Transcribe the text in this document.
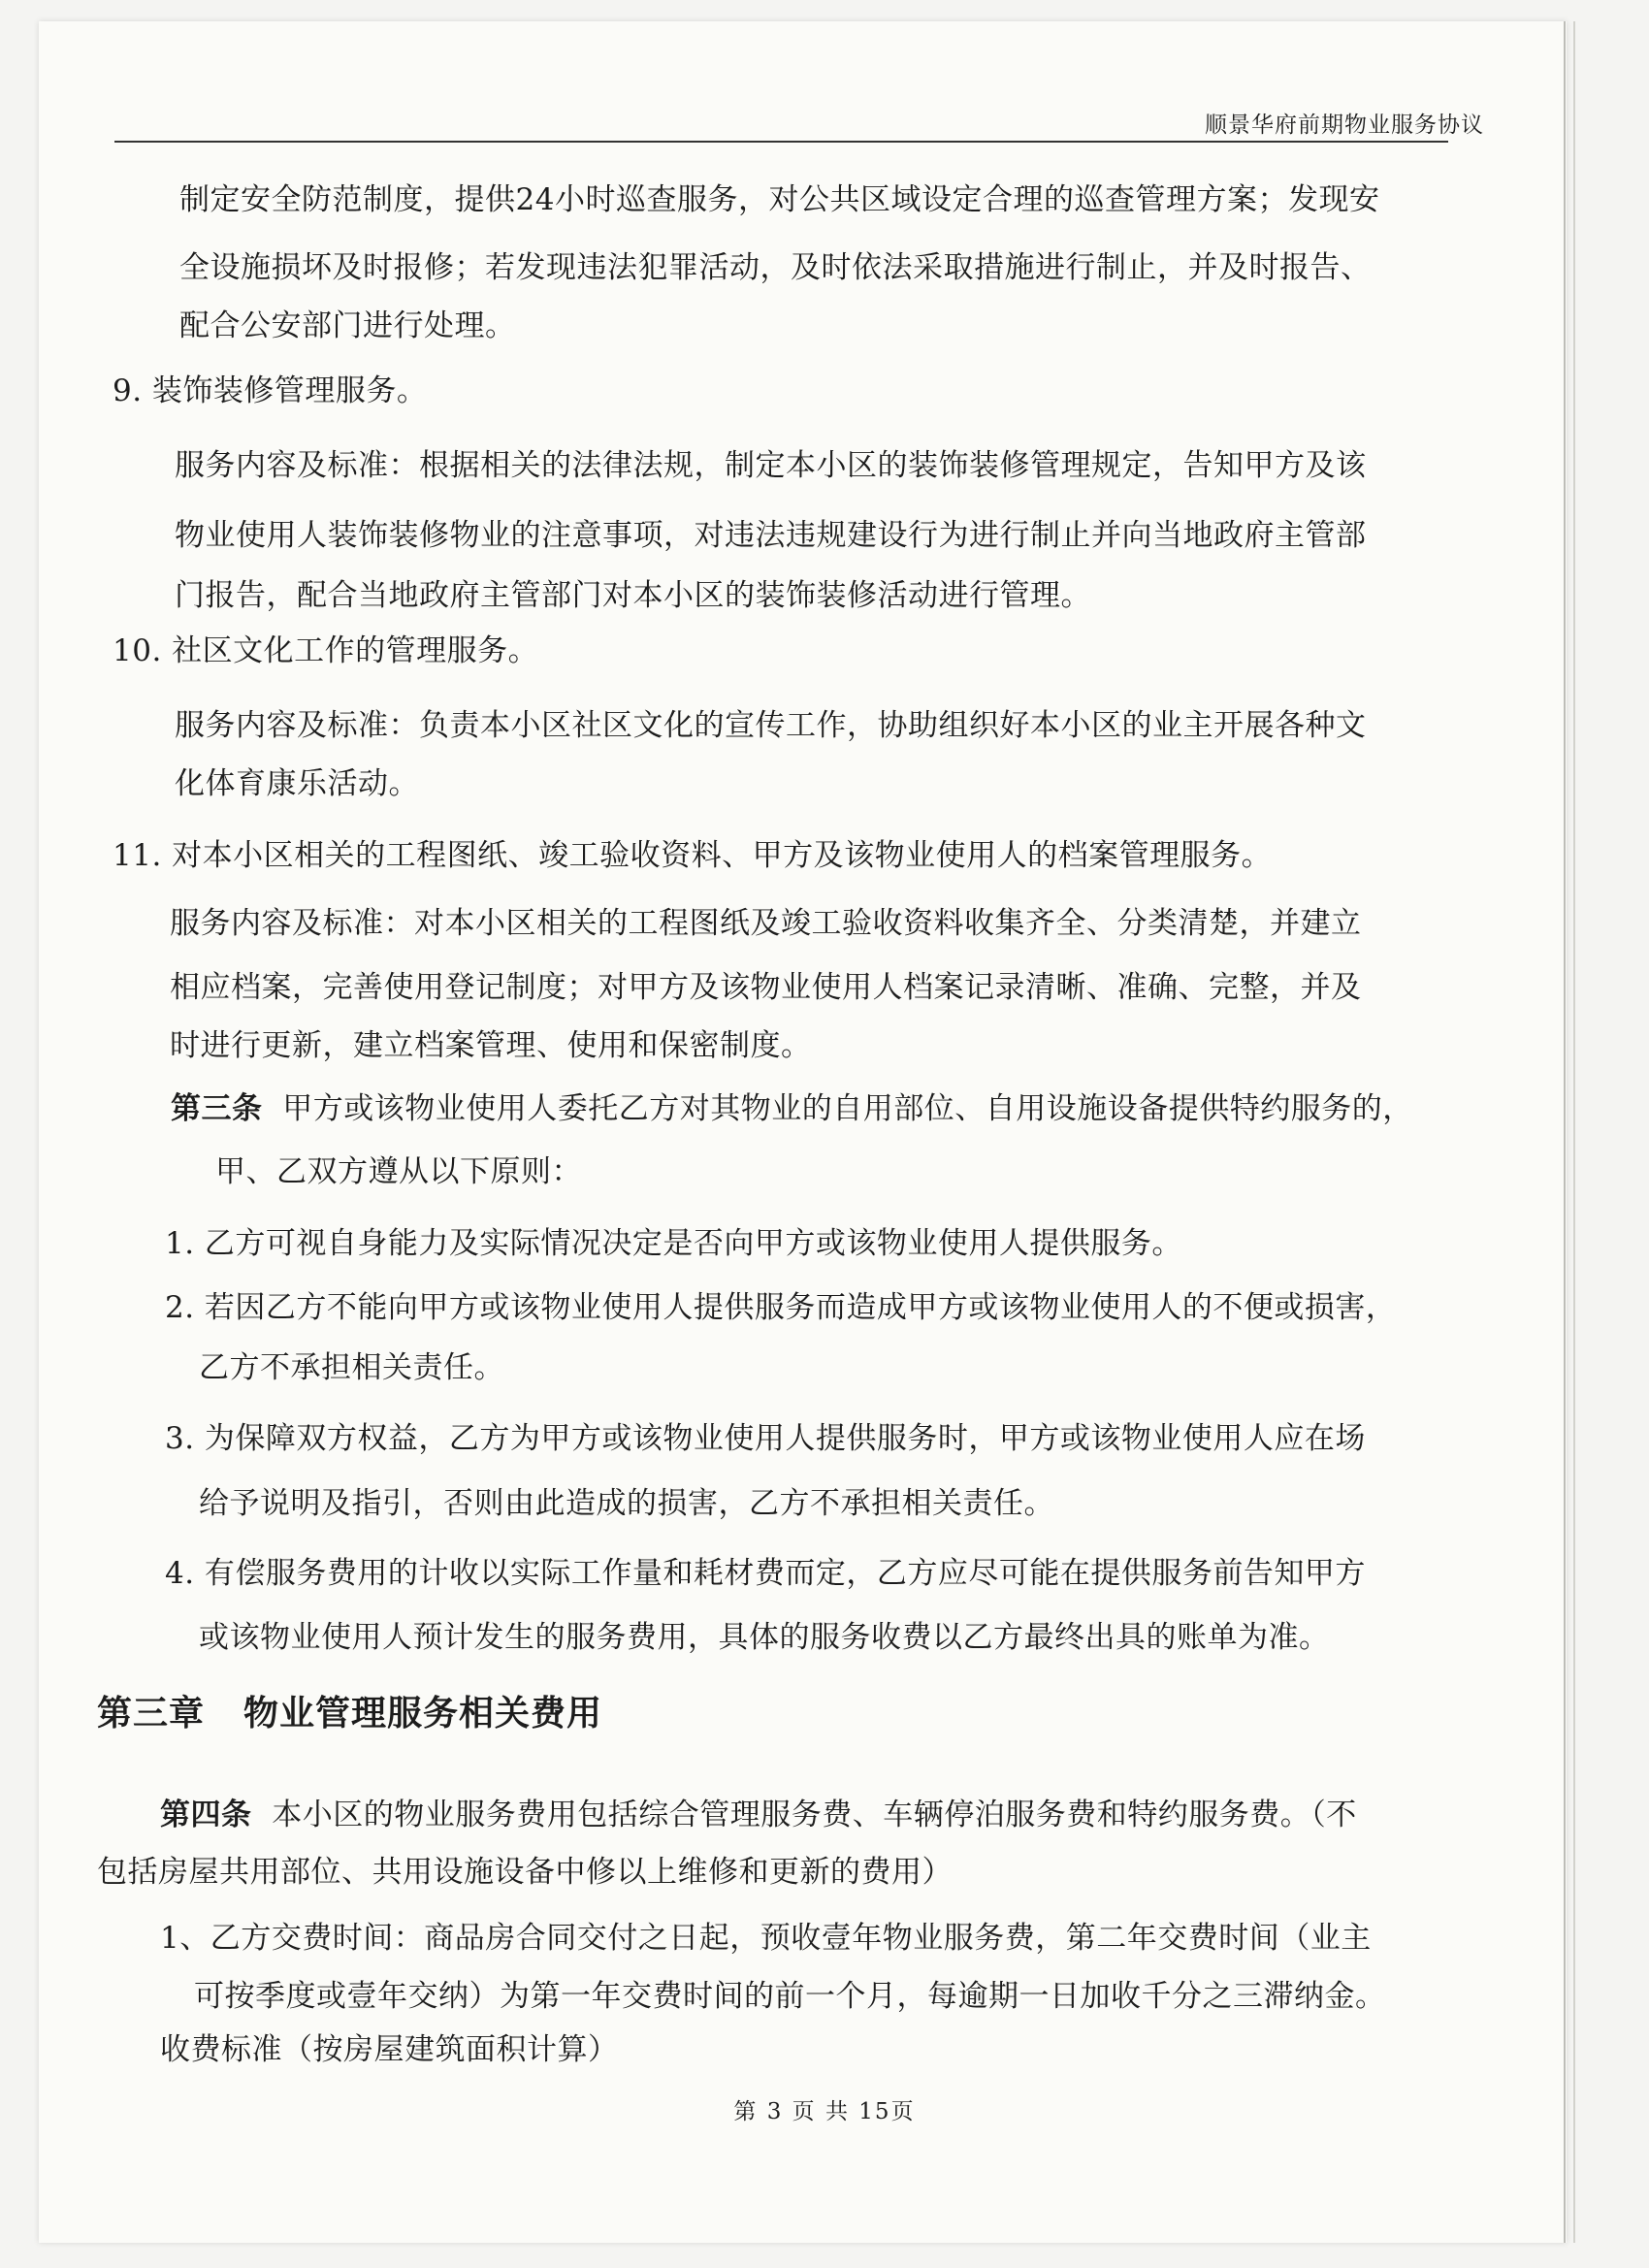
顺景华府前期物业服务协议
制定安全防范制度，提供24小时巡查服务，对公共区域设定合理的巡查管理方案；发现安
全设施损坏及时报修；若发现违法犯罪活动，及时依法采取措施进行制止，并及时报告、
配合公安部门进行处理。
9. 装饰装修管理服务。
服务内容及标准：根据相关的法律法规，制定本小区的装饰装修管理规定，告知甲方及该
物业使用人装饰装修物业的注意事项，对违法违规建设行为进行制止并向当地政府主管部
门报告，配合当地政府主管部门对本小区的装饰装修活动进行管理。
10. 社区文化工作的管理服务。
服务内容及标准：负责本小区社区文化的宣传工作，协助组织好本小区的业主开展各种文
化体育康乐活动。
11. 对本小区相关的工程图纸、竣工验收资料、甲方及该物业使用人的档案管理服务。
服务内容及标准：对本小区相关的工程图纸及竣工验收资料收集齐全、分类清楚，并建立
相应档案，完善使用登记制度；对甲方及该物业使用人档案记录清晰、准确、完整，并及
时进行更新，建立档案管理、使用和保密制度。
第三条 甲方或该物业使用人委托乙方对其物业的自用部位、自用设施设备提供特约服务的，
甲、乙双方遵从以下原则：
1. 乙方可视自身能力及实际情况决定是否向甲方或该物业使用人提供服务。
2. 若因乙方不能向甲方或该物业使用人提供服务而造成甲方或该物业使用人的不便或损害，
乙方不承担相关责任。
3. 为保障双方权益，乙方为甲方或该物业使用人提供服务时，甲方或该物业使用人应在场
给予说明及指引，否则由此造成的损害，乙方不承担相关责任。
4. 有偿服务费用的计收以实际工作量和耗材费而定，乙方应尽可能在提供服务前告知甲方
或该物业使用人预计发生的服务费用，具体的服务收费以乙方最终出具的账单为准。
第三章 物业管理服务相关费用
第四条 本小区的物业服务费用包括综合管理服务费、车辆停泊服务费和特约服务费。（不
包括房屋共用部位、共用设施设备中修以上维修和更新的费用）
1、乙方交费时间：商品房合同交付之日起，预收壹年物业服务费，第二年交费时间（业主
可按季度或壹年交纳）为第一年交费时间的前一个月，每逾期一日加收千分之三滞纳金。
收费标准（按房屋建筑面积计算）
第 3 页 共 15页
